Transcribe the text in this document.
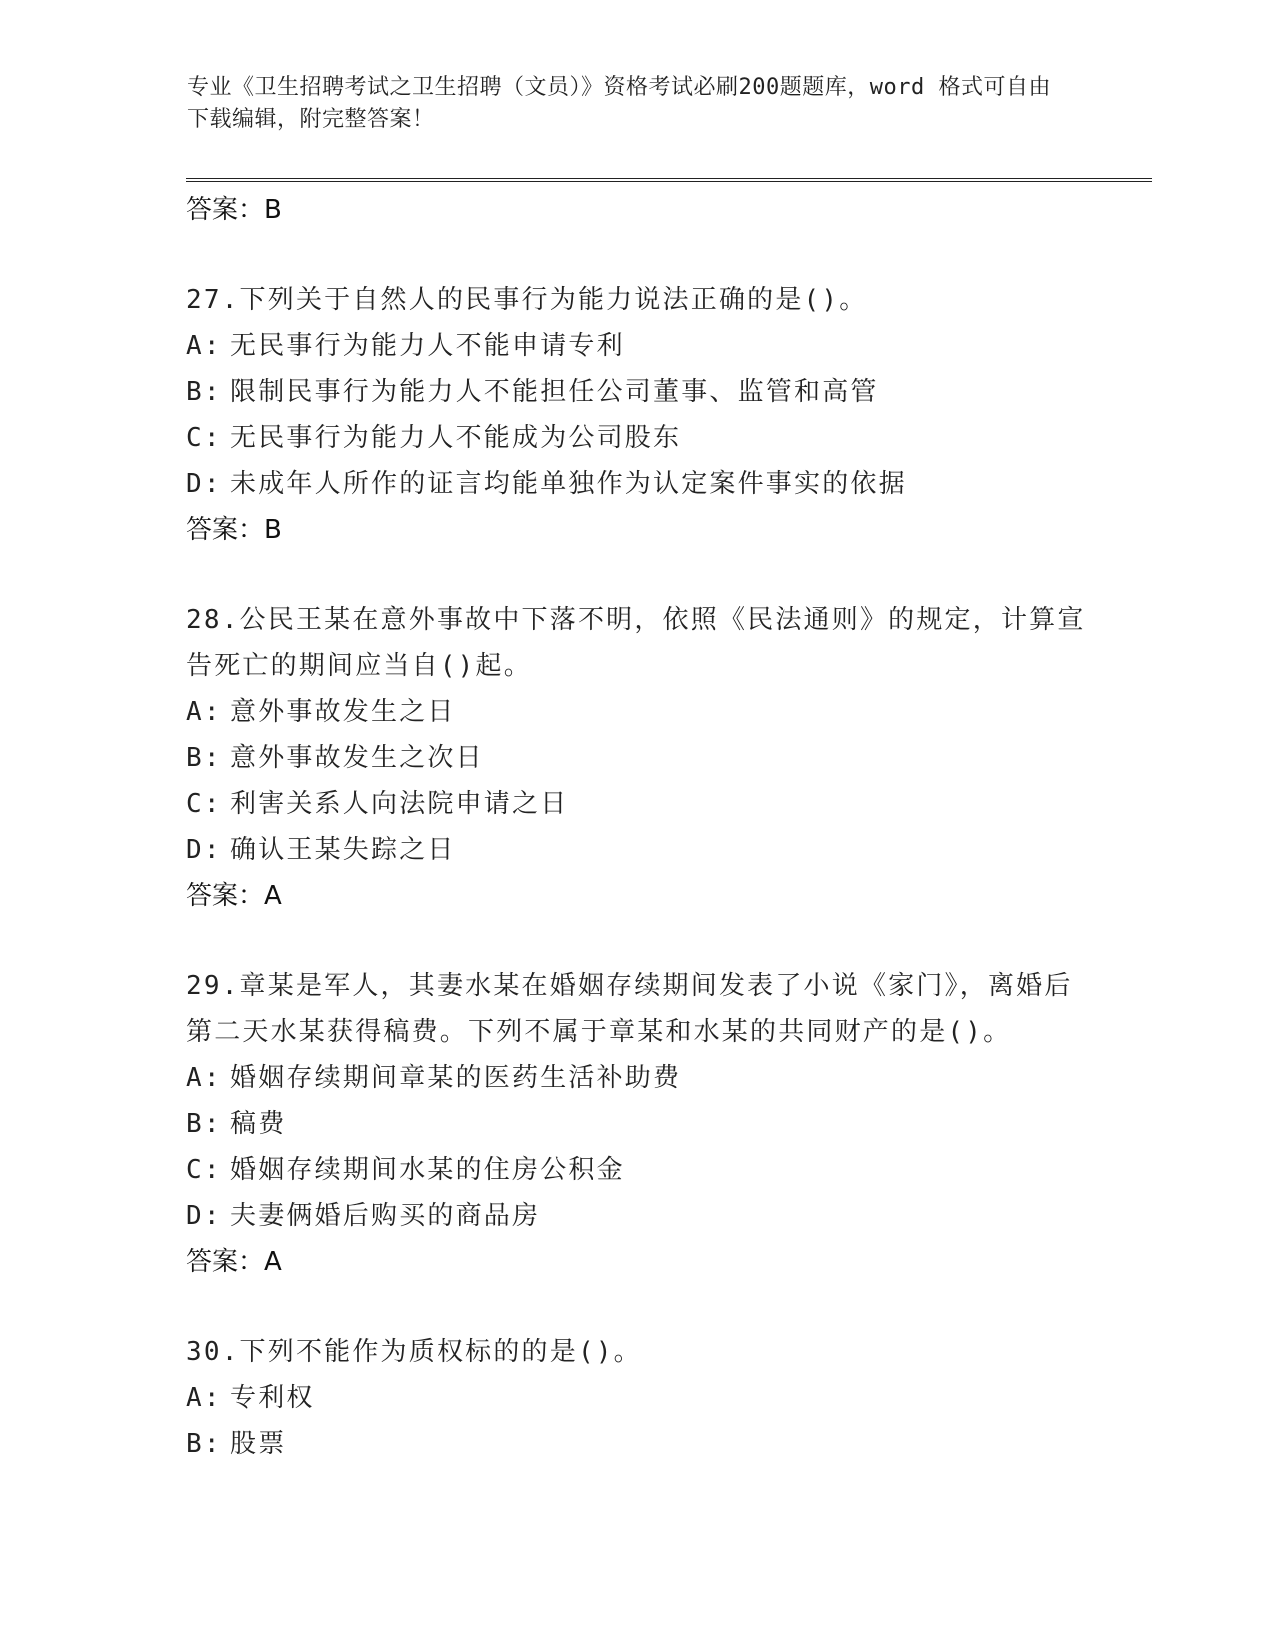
专业《卫生招聘考试之卫生招聘（文员）》资格考试必刷200题题库，word 格式可自由下载编辑，附完整答案！
答案：B
27.下列关于自然人的民事行为能力说法正确的是()。
A: 无民事行为能力人不能申请专利
B: 限制民事行为能力人不能担任公司董事、监管和高管
C: 无民事行为能力人不能成为公司股东
D: 未成年人所作的证言均能单独作为认定案件事实的依据
答案：B
28.公民王某在意外事故中下落不明，依照《民法通则》的规定，计算宣告死亡的期间应当自()起。
A: 意外事故发生之日
B: 意外事故发生之次日
C: 利害关系人向法院申请之日
D: 确认王某失踪之日
答案：A
29.章某是军人，其妻水某在婚姻存续期间发表了小说《家门》，离婚后第二天水某获得稿费。下列不属于章某和水某的共同财产的是()。
A: 婚姻存续期间章某的医药生活补助费
B: 稿费
C: 婚姻存续期间水某的住房公积金
D: 夫妻俩婚后购买的商品房
答案：A
30.下列不能作为质权标的的是()。
A: 专利权
B: 股票
